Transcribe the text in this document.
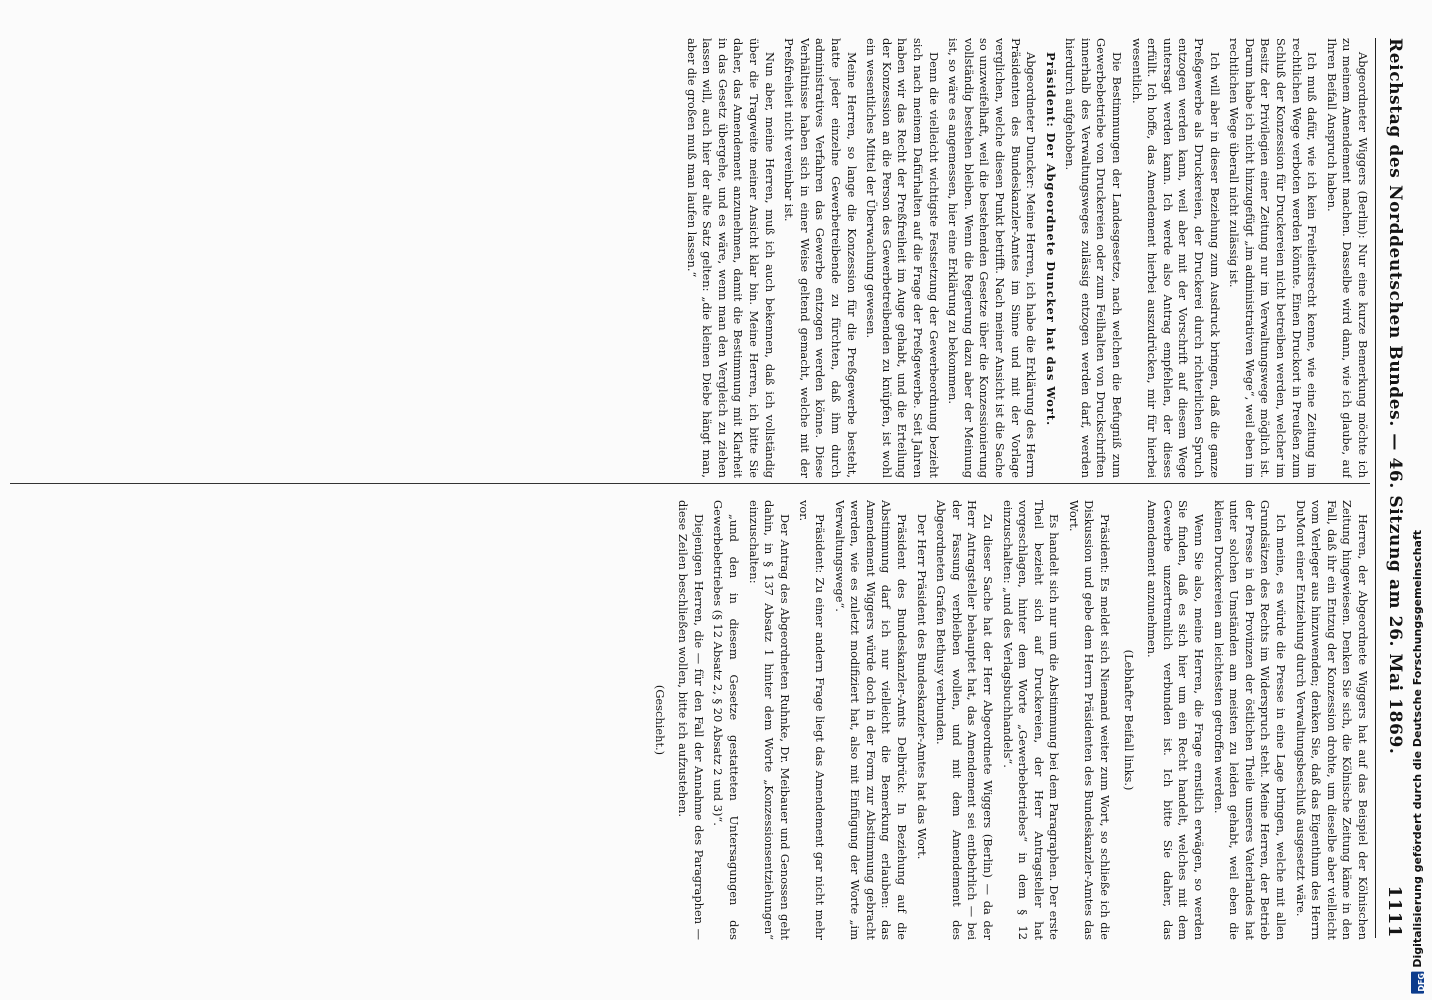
Reichstag des Norddeutschen Bundes. — 46. Sitzung am 26. Mai 1869.
1111

Abgeordneter Wiggers (Berlin): Nur eine kurze Bemerkung möchte ich zu meinem Amendement machen. Dasselbe wird dann, wie ich glaube, auf Ihren Beifall Anspruch haben.

Ich muß dafür, wie ich kein Freiheitsrecht kenne, wie eine Zeitung im rechtlichen Wege verboten werden könnte. Einen Druckort in Preußen zum Schluß der Konzession für Druckereien nicht betreiben werden, welcher im Besitz der Privilegien einer Zeitung nur im Verwaltungswege möglich ist. Darum habe ich nicht hinzugefügt „im administrativen Wege“, weil eben im rechtlichen Wege überall nicht zulässig ist.

Ich will aber in dieser Beziehung zum Ausdruck bringen, daß die ganze Preßgewerbe als Druckereien, der Druckerei durch richterlichen Spruch entzogen werden kann, weil aber mit der Vorschrift auf diesem Wege untersagt werden kann. Ich werde also Antrag empfehlen, der dieses erfüllt. Ich hoffe, das Amendement hierbei auszudrücken, mir für hierbei wesentlich.

Die Bestimmungen der Landesgesetze, nach welchen die Befugniß zum Gewerbebetriebe von Druckereien oder zum Feilhalten von Druckschriften innerhalb des Verwaltungsweges zulässig entzogen werden darf, werden hierdurch aufgehoben.

Präsident: Der Abgeordnete Duncker hat das Wort.

Abgeordneter Duncker: Meine Herren, ich habe die Erklärung des Herrn Präsidenten des Bundeskanzler-Amtes im Sinne und mit der Vorlage verglichen, welche diesen Punkt betrifft. Nach meiner Ansicht ist die Sache so unzweifelhaft, weil die bestehenden Gesetze über die Konzessionierung vollständig bestehen bleiben. Wenn die Regierung dazu aber der Meinung ist, so wäre es angemessen, hier eine Erklärung zu bekommen.

Denn die vielleicht wichtigste Festsetzung der Gewerbeordnung bezieht sich nach meinem Dafürhalten auf die Frage der Preßgewerbe. Seit Jahren haben wir das Recht der Preßfreiheit im Auge gehabt, und die Erteilung der Konzession an die Person des Gewerbetreibenden zu knüpfen, ist wohl ein wesentliches Mittel der Überwachung gewesen.

Meine Herren, so lange die Konzession für die Preßgewerbe besteht, hatte jeder einzelne Gewerbetreibende zu fürchten, daß ihm durch administratives Verfahren das Gewerbe entzogen werden könne. Diese Verhältnisse haben sich in einer Weise geltend gemacht, welche mit der Preßfreiheit nicht vereinbar ist.

Nun aber, meine Herren, muß ich auch bekennen, daß ich vollständig über die Tragweite meiner Ansicht klar bin. Meine Herren, ich bitte Sie daher, das Amendement anzunehmen, damit die Bestimmung mit Klarheit in das Gesetz übergehe, und es wäre, wenn man den Vergleich zu ziehen lassen will, auch hier der alte Satz gelten: „die kleinen Diebe hängt man, aber die großen muß man laufen lassen.“

Herren, der Abgeordnete Wiggers hat auf das Beispiel der Kölnischen Zeitung hingewiesen. Denken Sie sich, die Kölnische Zeitung käme in den Fall, daß ihr ein Entzug der Konzession drohte, um dieselbe aber vielleicht vom Verleger aus hinzuwenden; denken Sie, daß das Eigenthum des Herrn DuMont einer Entziehung durch Verwaltungsbeschluß ausgesetzt wäre.

Ich meine, es würde die Presse in eine Lage bringen, welche mit allen Grundsätzen des Rechts im Widerspruch steht. Meine Herren, der Betrieb der Presse in den Provinzen der östlichen Theile unseres Vaterlandes hat unter solchen Umständen am meisten zu leiden gehabt, weil eben die kleinen Druckereien am leichtesten getroffen werden.

Wenn Sie also, meine Herren, die Frage ernstlich erwägen, so werden Sie finden, daß es sich hier um ein Recht handelt, welches mit dem Gewerbe unzertrennlich verbunden ist. Ich bitte Sie daher, das Amendement anzunehmen.

(Lebhafter Beifall links.)

Präsident: Es meldet sich Niemand weiter zum Wort, so schließe ich die Diskussion und gebe dem Herrn Präsidenten des Bundeskanzler-Amtes das Wort.

Es handelt sich nur um die Abstimmung bei dem Paragraphen. Der erste Theil bezieht sich auf Druckereien, der Herr Antragsteller hat vorgeschlagen, hinter dem Worte „Gewerbebetriebes“ in dem § 12 einzuschalten: „und des Verlagsbuchhandels“.

Zu dieser Sache hat der Herr Abgeordnete Wiggers (Berlin) — da der Herr Antragsteller behauptet hat, das Amendement sei entbehrlich — bei der Fassung verbleiben wollen, und mit dem Amendement des Abgeordneten Grafen Bethusy verbunden.

Der Herr Präsident des Bundeskanzler-Amtes hat das Wort.

Präsident des Bundeskanzler-Amts Delbrück: In Beziehung auf die Abstimmung darf ich nur vielleicht die Bemerkung erlauben: das Amendement Wiggers würde doch in der Form zur Abstimmung gebracht werden, wie es zuletzt modifiziert hat, also mit Einfügung der Worte „im Verwaltungswege“.

Präsident: Zu einer andern Frage liegt das Amendement gar nicht mehr vor.

Der Antrag des Abgeordneten Ruhnke, Dr. Meibauer und Genossen geht dahin, in § 137 Absatz 1 hinter dem Worte „Konzessionsentziehungen“ einzuschalten:

„und den in diesem Gesetze gestatteten Untersagungen des Gewerbebetriebes (§ 12 Absatz 2, § 20 Absatz 2 und 3)“.

Diejenigen Herren, die — für den Fall der Annahme des Paragraphen — diese Zeilen beschließen wollen, bitte ich aufzustehen.

(Geschieht.)

DFG
Digitalisierung gefördert durch die Deutsche Forschungsgemeinschaft
